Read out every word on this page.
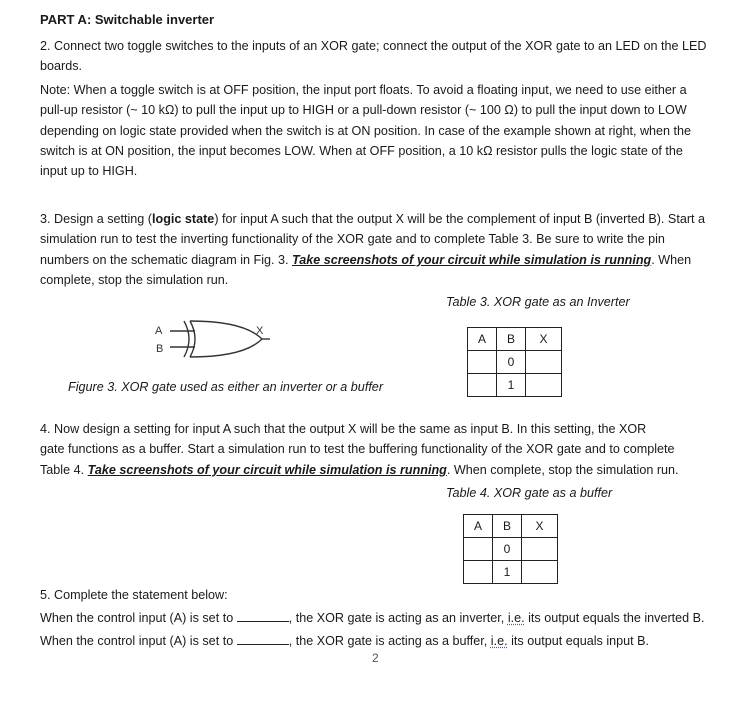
PART A: Switchable inverter
2. Connect two toggle switches to the inputs of an XOR gate; connect the output of the XOR gate to an LED on the LED
boards.
Note: When a toggle switch is at OFF position, the input port floats. To avoid a floating input, we need to use either a
pull-up resistor (~ 10 kΩ) to pull the input up to HIGH or a pull-down resistor (~ 100 Ω) to pull the input down to LOW
depending on logic state provided when the switch is at ON position. In case of the example shown at right, when the
switch is at ON position, the input becomes LOW. When at OFF position, a 10 kΩ resistor pulls the logic state of the
input up to HIGH.
3. Design a setting (logic state) for input A such that the output X will be the complement of input B (inverted B). Start a
simulation run to test the inverting functionality of the XOR gate and to complete Table 3. Be sure to write the pin
numbers on the schematic diagram in Fig. 3. Take screenshots of your circuit while simulation is running. When
complete, stop the simulation run.
Table 3. XOR gate as an Inverter
A	B	X
	0	
	1	
A
B
X
Figure 3. XOR gate used as either an inverter or a buffer
4. Now design a setting for input A such that the output X will be the same as input B. In this setting, the XOR
gate functions as a buffer. Start a simulation run to test the buffering functionality of the XOR gate and to complete
Table 4. Take screenshots of your circuit while simulation is running. When complete, stop the simulation run.
Table 4. XOR gate as a buffer
A	B	X
	0	
	1	
5. Complete the statement below:
When the control input (A) is set to	, the XOR gate is acting as an inverter, i.e. its output equals the inverted B.
When the control input (A) is set to	, the XOR gate is acting as a buffer, i.e. its output equals input B.
2
